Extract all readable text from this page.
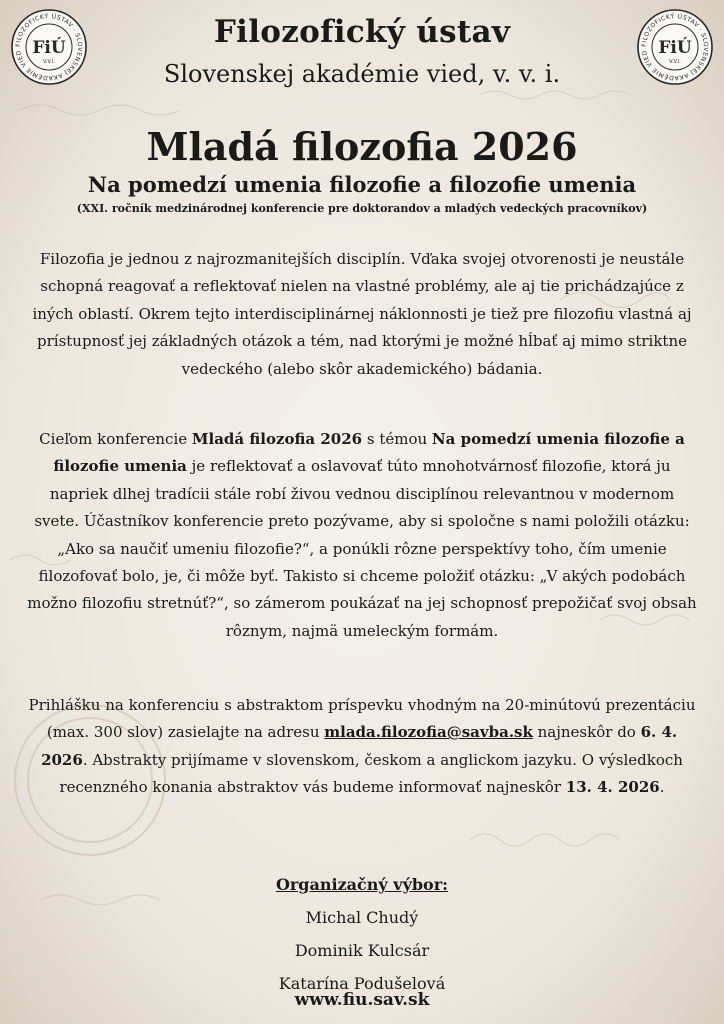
FILOZOFICKÝ ÚSTAV · SLOVENSKEJ AKADÉMIE VIED FiÚ
V.V.I.
FILOZOFICKÝ ÚSTAV · SLOVENSKEJ AKADÉMIE VIED FiÚ
V.V.I.
Filozofický ústav
Slovenskej akadémie vied, v. v. i.
Mladá filozofia 2026
Na pomedzí umenia filozofie a filozofie umenia
(XXI. ročník medzinárodnej konferencie pre doktorandov a mladých vedeckých pracovníkov)
Filozofia je jednou z najrozmanitejších disciplín. Vďaka svojej otvorenosti je neustále schopná reagovať a reflektovať nielen na vlastné problémy, ale aj tie prichádzajúce z iných oblastí. Okrem tejto interdisciplinárnej náklonnosti je tiež pre filozofiu vlastná aj prístupnosť jej základných otázok a tém, nad ktorými je možné hĺbať aj mimo striktne vedeckého (alebo skôr akademického) bádania.
Cieľom konferencie Mladá filozofia 2026 s témou Na pomedzí umenia filozofie a filozofie umenia je reflektovať a oslavovať túto mnohotvárnosť filozofie, ktorá ju napriek dlhej tradícii stále robí živou vednou disciplínou relevantnou v modernom svete. Účastníkov konferencie preto pozývame, aby si spoločne s nami položili otázku: „Ako sa naučiť umeniu filozofie?“, a ponúkli rôzne perspektívy toho, čím umenie filozofovať bolo, je, či môže byť. Takisto si chceme položiť otázku: „V akých podobách možno filozofiu stretnúť?“, so zámerom poukázať na jej schopnosť prepožičať svoj obsah rôznym, najmä umeleckým formám.
Prihlášku na konferenciu s abstraktom príspevku vhodným na 20-minútovú prezentáciu (max. 300 slov) zasielajte na adresu mlada.filozofia@savba.sk najneskôr do 6. 4. 2026. Abstrakty prijímame v slovenskom, českom a anglickom jazyku. O výsledkoch recenzného konania abstraktov vás budeme informovať najneskôr 13. 4. 2026.
Organizačný výbor:
Michal Chudý
Dominik Kulcsár
Katarína Podušelová
www.fiu.sav.sk
